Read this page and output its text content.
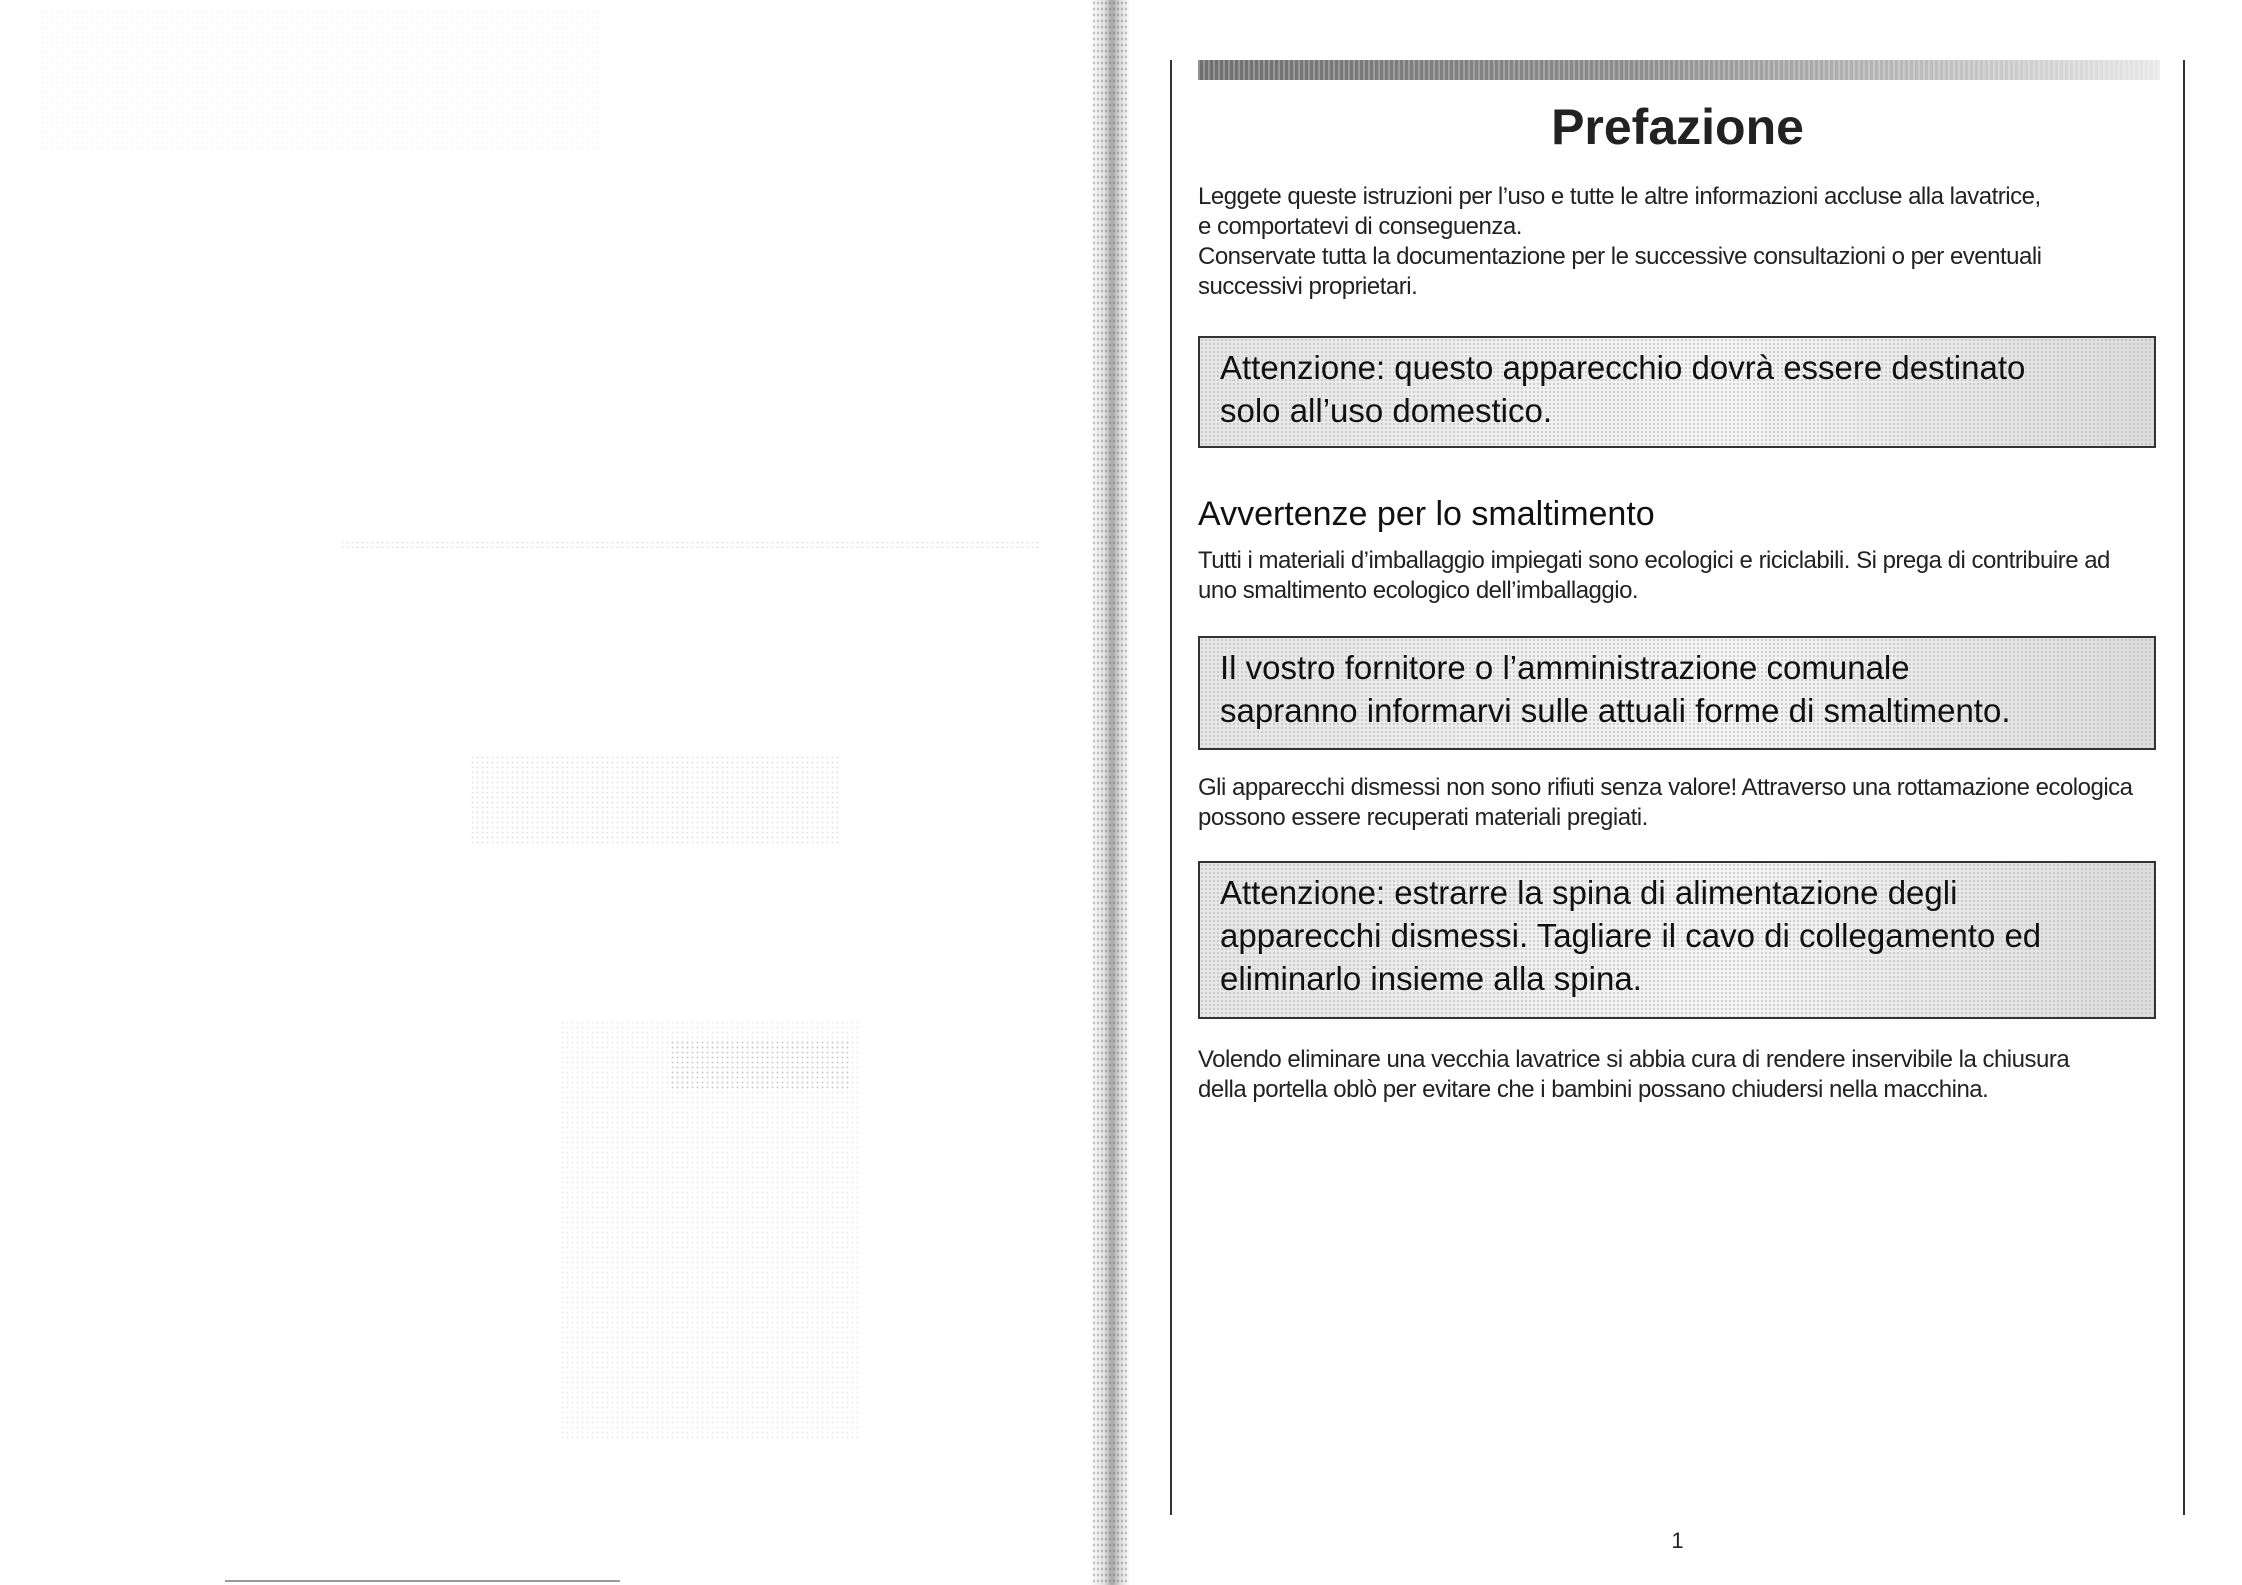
Prefazione

Leggete queste istruzioni per l’uso e tutte le altre informazioni accluse alla lavatrice,
e comportatevi di conseguenza.
Conservate tutta la documentazione per le successive consultazioni o per eventuali
successivi proprietari.

Attenzione: questo apparecchio dovrà essere destinato
solo all’uso domestico.
Avvertenze per lo smaltimento

Tutti i materiali d’imballaggio impiegati sono ecologici e riciclabili. Si prega di contribuire ad
uno smaltimento ecologico dell’imballaggio.

Il vostro fornitore o l’amministrazione comunale
sapranno informarvi sulle attuali forme di smaltimento.

Gli apparecchi dismessi non sono rifiuti senza valore! Attraverso una rottamazione ecologica
possono essere recuperati materiali pregiati.

Attenzione: estrarre la spina di alimentazione degli
apparecchi dismessi. Tagliare il cavo di collegamento ed
eliminarlo insieme alla spina.

Volendo eliminare una vecchia lavatrice si abbia cura di rendere inservibile la chiusura
della portella oblò per evitare che i bambini possano chiudersi nella macchina.

1
